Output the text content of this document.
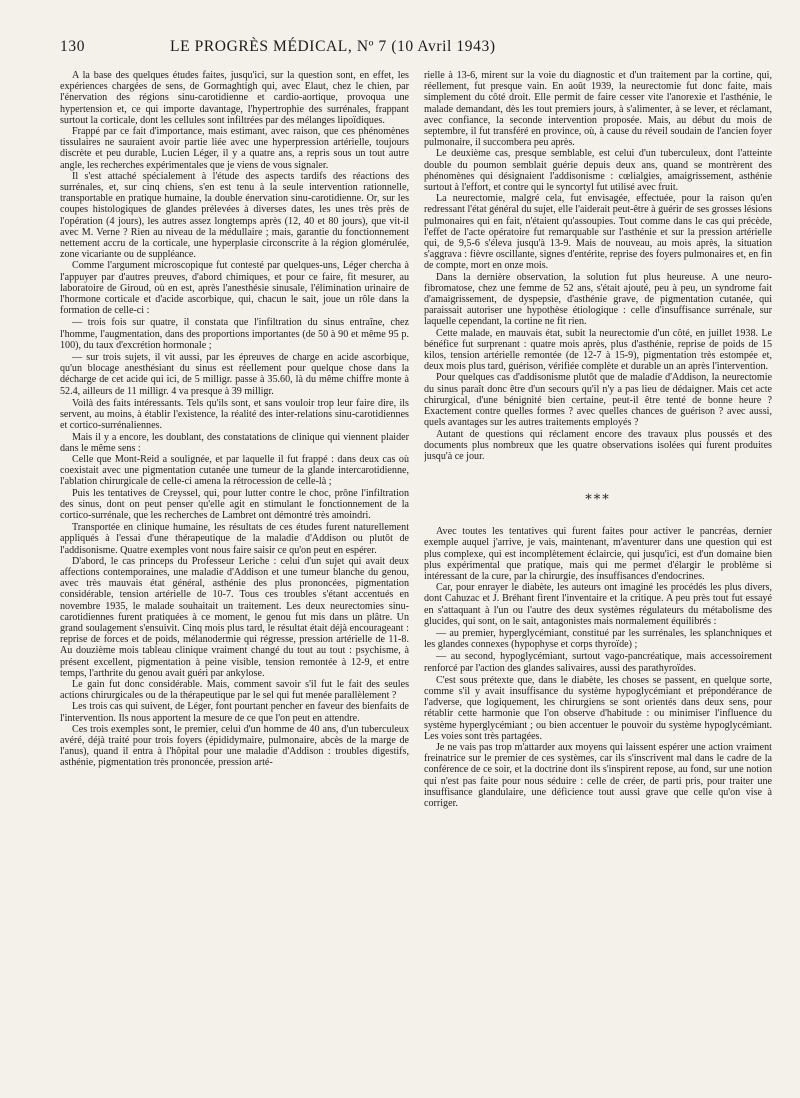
130	LE PROGRÈS MÉDICAL, Nº 7 (10 Avril 1943)

A la base des quelques études faites, jusqu'ici, sur la question sont, en effet, les expériences chargées de sens, de Gormaghtigh qui, avec Elaut, chez le chien, par l'énervation des régions sinu-carotidienne et cardio-aortique, provoqua une hypertension et, ce qui importe davantage, l'hypertrophie des surrénales, frappant surtout la corticale, dont les cellules sont infiltrées par des mélanges lipoïdiques.

Frappé par ce fait d'importance, mais estimant, avec raison, que ces phénomènes tissulaires ne sauraient avoir partie liée avec une hyperpression artérielle, toujours discrète et peu durable, Lucien Léger, il y a quatre ans, a repris sous un tout autre angle, les recherches expérimentales que je viens de vous signaler.

Il s'est attaché spécialement à l'étude des aspects tardifs des réactions des surrénales, et, sur cinq chiens, s'en est tenu à la seule intervention rationnelle, transportable en pratique humaine, la double énervation sinu-carotidienne. Or, sur les coupes histologiques de glandes prélevées à diverses dates, les unes très près de l'opération (4 jours), les autres assez longtemps après (12, 40 et 80 jours), que vit-il avec M. Verne ? Rien au niveau de la médullaire ; mais, garantie du fonctionnement nettement accru de la corticale, une hyperplasie circonscrite à la région glomérulée, zone vicariante ou de suppléance.

Comme l'argument microscopique fut contesté par quelques-uns, Léger chercha à l'appuyer par d'autres preuves, d'abord chimiques, et pour ce faire, fit mesurer, au laboratoire de Giroud, où en est, après l'anesthésie sinusale, l'élimination urinaire de l'hormone corticale et d'acide ascorbique, qui, chacun le sait, joue un rôle dans la formation de celle-ci :

— trois fois sur quatre, il constata que l'infiltration du sinus entraîne, chez l'homme, l'augmentation, dans des proportions importantes (de 50 à 90 et même 95 p. 100), du taux d'excrétion hormonale ;

— sur trois sujets, il vit aussi, par les épreuves de charge en acide ascorbique, qu'un blocage anesthésiant du sinus est réellement pour quelque chose dans la décharge de cet acide qui ici, de 5 milligr. passe à 35.60, là du même chiffre monte à 52.4, ailleurs de 11 milligr. 4 va presque à 39 milligr.

Voilà des faits intéressants. Tels qu'ils sont, et sans vouloir trop leur faire dire, ils servent, au moins, à établir l'existence, la réalité des inter-relations sinu-carotidiennes et cortico-surrénaliennes.

Mais il y a encore, les doublant, des constatations de clinique qui viennent plaider dans le même sens :

Celle que Mont-Reid a soulignée, et par laquelle il fut frappé : dans deux cas où coexistait avec une pigmentation cutanée une tumeur de la glande intercarotidienne, l'ablation chirurgicale de celle-ci amena la rétrocession de celle-là ;

Puis les tentatives de Creyssel, qui, pour lutter contre le choc, prône l'infiltration des sinus, dont on peut penser qu'elle agit en stimulant le fonctionnement de la cortico-surrénale, que les recherches de Lambret ont démontré très amoindri.

Transportée en clinique humaine, les résultats de ces études furent naturellement appliqués à l'essai d'une thérapeutique de la maladie d'Addison ou plutôt de l'addisonisme. Quatre exemples vont nous faire saisir ce qu'on peut en espérer.

D'abord, le cas princeps du Professeur Leriche : celui d'un sujet qui avait deux affections contemporaines, une maladie d'Addison et une tumeur blanche du genou, avec très mauvais état général, asthénie des plus prononcées, pigmentation considérable, tension artérielle de 10-7. Tous ces troubles s'étant accentués en novembre 1935, le malade souhaitait un traitement. Les deux neurectomies sinu-carotidiennes furent pratiquées à ce moment, le genou fut mis dans un plâtre. Un grand soulagement s'ensuivit. Cinq mois plus tard, le résultat était déjà encourageant : reprise de forces et de poids, mélanodermie qui régresse, pression artérielle de 11-8. Au douzième mois tableau clinique vraiment changé du tout au tout : psychisme, à présent excellent, pigmentation à peine visible, tension remontée à 12-9, et entre temps, l'arthrite du genou avait guéri par ankylose.

Le gain fut donc considérable. Mais, comment savoir s'il fut le fait des seules actions chirurgicales ou de la thérapeutique par le sel qui fut menée parallèlement ?

Les trois cas qui suivent, de Léger, font pourtant pencher en faveur des bienfaits de l'intervention. Ils nous apportent la mesure de ce que l'on peut en attendre.

Ces trois exemples sont, le premier, celui d'un homme de 40 ans, d'un tuberculeux avéré, déjà traité pour trois foyers (épididymaire, pulmonaire, abcès de la marge de l'anus), quand il entra à l'hôpital pour une maladie d'Addison : troubles digestifs, asthénie, pigmentation très prononcée, pression arté-

rielle à 13-6, mirent sur la voie du diagnostic et d'un traitement par la cortine, qui, réellement, fut presque vain. En août 1939, la neurectomie fut donc faite, mais simplement du côté droit. Elle permit de faire cesser vite l'anorexie et l'asthénie, le malade demandant, dès les tout premiers jours, à s'alimenter, à se lever, et réclamant, avec confiance, la seconde intervention proposée. Mais, au début du mois de septembre, il fut transféré en province, où, à cause du réveil soudain de l'ancien foyer pulmonaire, il succombera peu après.

Le deuxième cas, presque semblable, est celui d'un tuberculeux, dont l'atteinte double du poumon semblait guérie depuis deux ans, quand se montrèrent des phénomènes qui désignaient l'addisonisme : cœlialgies, amaigrissement, asthénie surtout à l'effort, et contre qui le syncortyl fut utilisé avec fruit.

La neurectomie, malgré cela, fut envisagée, effectuée, pour la raison qu'en redressant l'état général du sujet, elle l'aiderait peut-être à guérir de ses grosses lésions pulmonaires qui en fait, n'étaient qu'assoupies. Tout comme dans le cas qui précède, l'effet de l'acte opératoire fut remarquable sur l'asthénie et sur la pression artérielle qui, de 9,5-6 s'éleva jusqu'à 13-9. Mais de nouveau, au mois après, la situation s'aggrava : fièvre oscillante, signes d'entérite, reprise des foyers pulmonaires et, en fin de compte, mort en onze mois.

Dans la dernière observation, la solution fut plus heureuse. A une neuro-fibromatose, chez une femme de 52 ans, s'était ajouté, peu à peu, un syndrome fait d'amaigrissement, de dyspepsie, d'asthénie grave, de pigmentation cutanée, qui paraissait autoriser une hypothèse étiologique : celle d'insuffisance surrénale, sur laquelle cependant, la cortine ne fit rien.

Cette malade, en mauvais état, subit la neurectomie d'un côté, en juillet 1938. Le bénéfice fut surprenant : quatre mois après, plus d'asthénie, reprise de poids de 15 kilos, tension artérielle remontée (de 12-7 à 15-9), pigmentation très estompée et, deux mois plus tard, guérison, vérifiée complète et durable un an après l'intervention.

Pour quelques cas d'addisonisme plutôt que de maladie d'Addison, la neurectomie du sinus paraît donc être d'un secours qu'il n'y a pas lieu de dédaigner. Mais cet acte chirurgical, d'une bénignité bien certaine, peut-il être tenté de bonne heure ? Exactement contre quelles formes ? avec quelles chances de guérison ? avec aussi, quels avantages sur les autres traitements employés ?

Autant de questions qui réclament encore des travaux plus poussés et des documents plus nombreux que les quatre observations isolées qui furent produites jusqu'à ce jour.

⁎⁎⁎

Avec toutes les tentatives qui furent faites pour activer le pancréas, dernier exemple auquel j'arrive, je vais, maintenant, m'aventurer dans une question qui est plus complexe, qui est incomplètement éclaircie, qui jusqu'ici, est d'un domaine bien plus expérimental que pratique, mais qui me permet d'élargir le problème si intéressant de la cure, par la chirurgie, des insuffisances d'endocrines.

Car, pour enrayer le diabète, les auteurs ont imaginé les procédés les plus divers, dont Cahuzac et J. Bréhant firent l'inventaire et la critique. A peu près tout fut essayé en s'attaquant à l'un ou l'autre des deux systèmes régulateurs du métabolisme des glucides, qui sont, on le sait, antagonistes mais normalement équilibrés :

— au premier, hyperglycémiant, constitué par les surrénales, les splanchniques et les glandes connexes (hypophyse et corps thyroïde) ;

— au second, hypoglycémiant, surtout vago-pancréatique, mais accessoirement renforcé par l'action des glandes salivaires, aussi des parathyroïdes.

C'est sous prétexte que, dans le diabète, les choses se passent, en quelque sorte, comme s'il y avait insuffisance du système hypoglycémiant et prépondérance de l'adverse, que logiquement, les chirurgiens se sont orientés dans deux sens, pour rétablir cette harmonie que l'on observe d'habitude : ou minimiser l'influence du système hyperglycémiant ; ou bien accentuer le pouvoir du système hypoglycémiant. Les voies sont très partagées.

Je ne vais pas trop m'attarder aux moyens qui laissent espérer une action vraiment freinatrice sur le premier de ces systèmes, car ils s'inscrivent mal dans le cadre de la conférence de ce soir, et la doctrine dont ils s'inspirent repose, au fond, sur une notion qui n'est pas faite pour nous séduire : celle de créer, de parti pris, pour traiter une insuffisance glandulaire, une déficience tout aussi grave que celle qu'on vise à corriger.
